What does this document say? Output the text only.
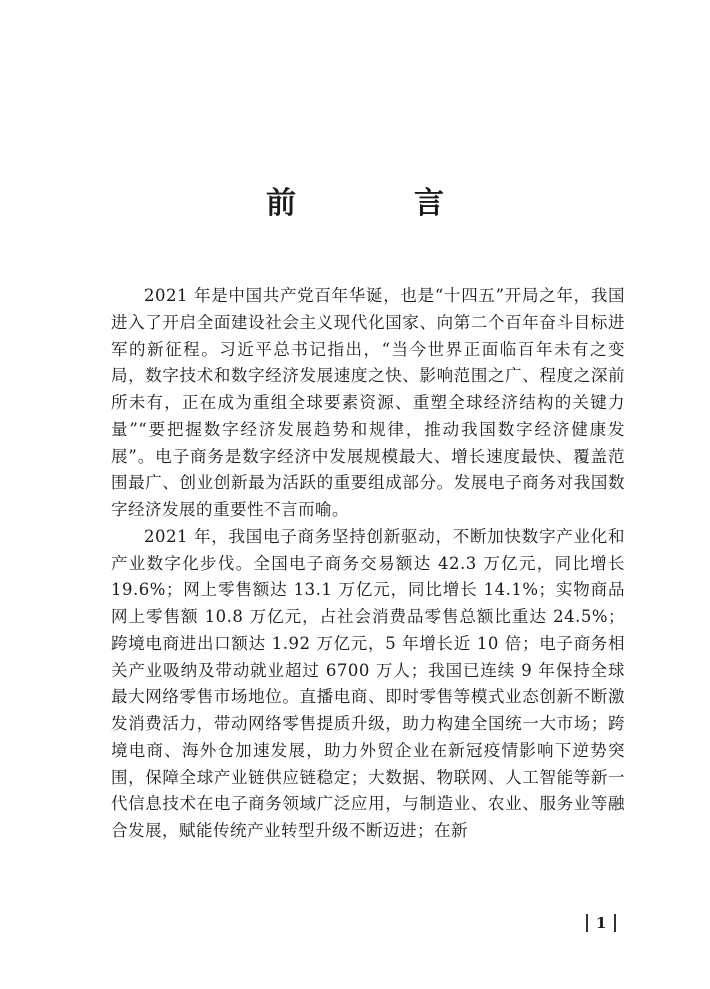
前　言

2021 年是中国共产党百年华诞，也是“十四五”开局之年，我国进入了开启全面建设社会主义现代化国家、向第二个百年奋斗目标进军的新征程。习近平总书记指出，“当今世界正面临百年未有之变局，数字技术和数字经济发展速度之快、影响范围之广、程度之深前所未有，正在成为重组全球要素资源、重塑全球经济结构的关键力量”“要把握数字经济发展趋势和规律，推动我国数字经济健康发展”。电子商务是数字经济中发展规模最大、增长速度最快、覆盖范围最广、创业创新最为活跃的重要组成部分。发展电子商务对我国数字经济发展的重要性不言而喻。

2021 年，我国电子商务坚持创新驱动，不断加快数字产业化和产业数字化步伐。全国电子商务交易额达 42.3 万亿元，同比增长 19.6%；网上零售额达 13.1 万亿元，同比增长 14.1%；实物商品网上零售额 10.8 万亿元，占社会消费品零售总额比重达 24.5%；跨境电商进出口额达 1.92 万亿元，5 年增长近 10 倍；电子商务相关产业吸纳及带动就业超过 6700 万人；我国已连续 9 年保持全球最大网络零售市场地位。直播电商、即时零售等模式业态创新不断激发消费活力，带动网络零售提质升级，助力构建全国统一大市场；跨境电商、海外仓加速发展，助力外贸企业在新冠疫情影响下逆势突围，保障全球产业链供应链稳定；大数据、物联网、人工智能等新一代信息技术在电子商务领域广泛应用，与制造业、农业、服务业等融合发展，赋能传统产业转型升级不断迈进；在新

1
